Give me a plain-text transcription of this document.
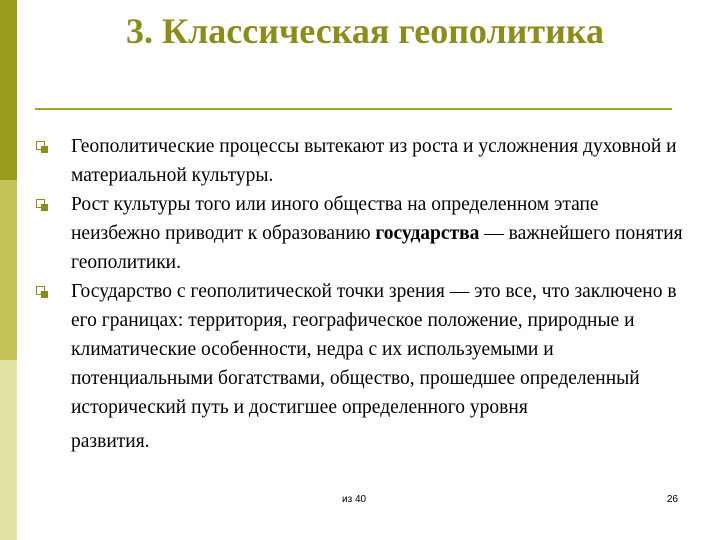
3. Классическая геополитика
Геополитические процессы вытекают из роста и усложнения духовной и материальной культуры.
Рост культуры того или иного общества на определенном этапе неизбежно приводит к образованию государства — важнейшего понятия геополитики.
Государство с геополитической точки зрения — это все, что заключено в его границах: территория, географическое положение, природные и климатические особенности, недра с их используемыми и потенциальными богатствами, общество, прошедшее определенный исторический путь и достигшее определенного уровня
развития.
из 40	26
